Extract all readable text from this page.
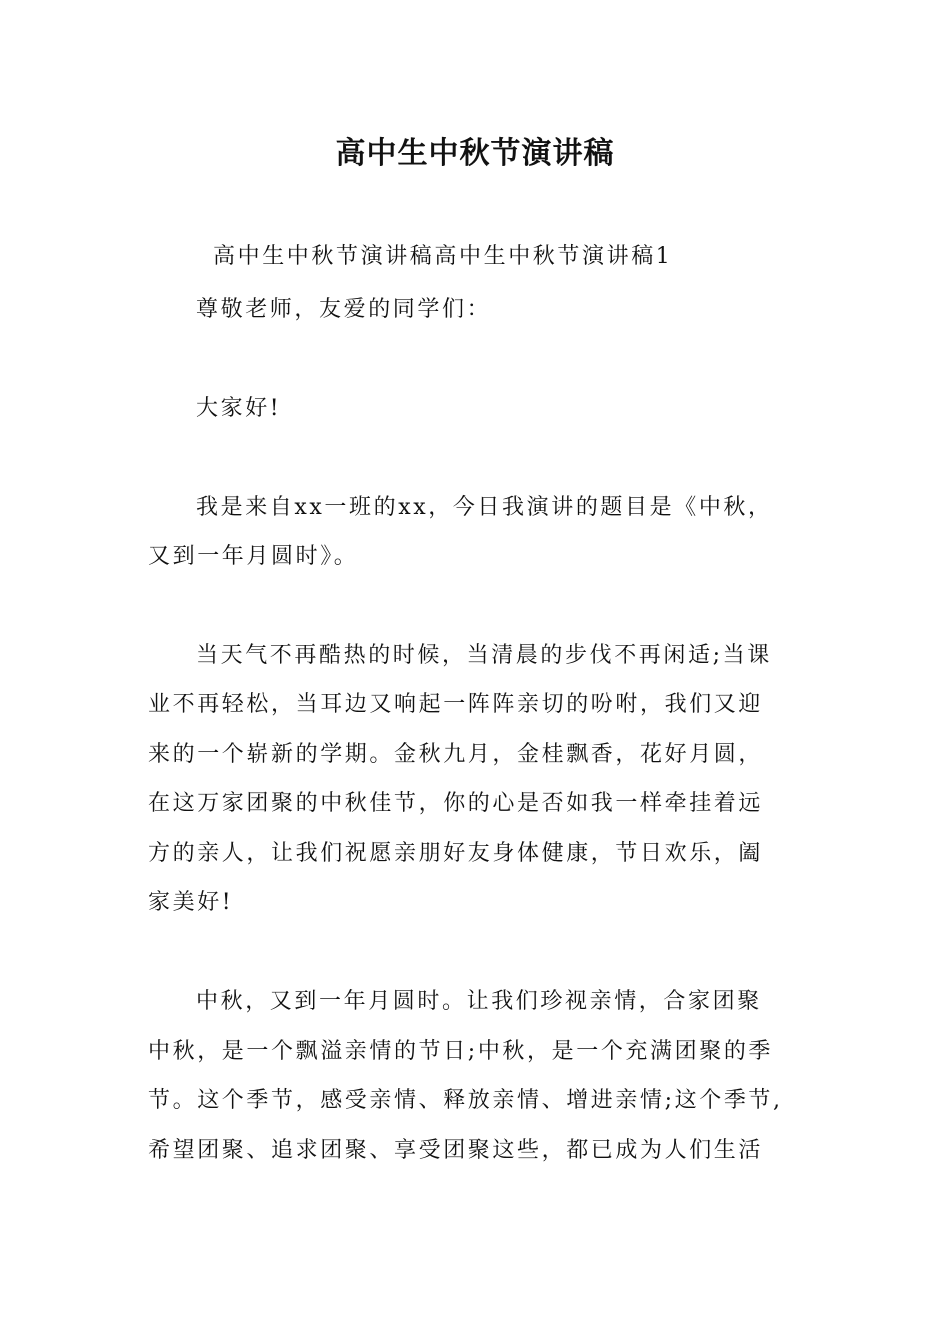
高中生中秋节演讲稿
高中生中秋节演讲稿高中生中秋节演讲稿1
尊敬老师，友爱的同学们：
大家好!
我是来自xx一班的xx，今日我演讲的题目是《中秋，
又到一年月圆时》。
当天气不再酷热的时候，当清晨的步伐不再闲适;当课
业不再轻松，当耳边又响起一阵阵亲切的吩咐，我们又迎
来的一个崭新的学期。金秋九月，金桂飘香，花好月圆，
在这万家团聚的中秋佳节，你的心是否如我一样牵挂着远
方的亲人，让我们祝愿亲朋好友身体健康，节日欢乐，阖
家美好!
中秋，又到一年月圆时。让我们珍视亲情，合家团聚
中秋，是一个飘溢亲情的节日;中秋，是一个充满团聚的季
节。这个季节，感受亲情、释放亲情、增进亲情;这个季节,
希望团聚、追求团聚、享受团聚这些，都已成为人们生活
